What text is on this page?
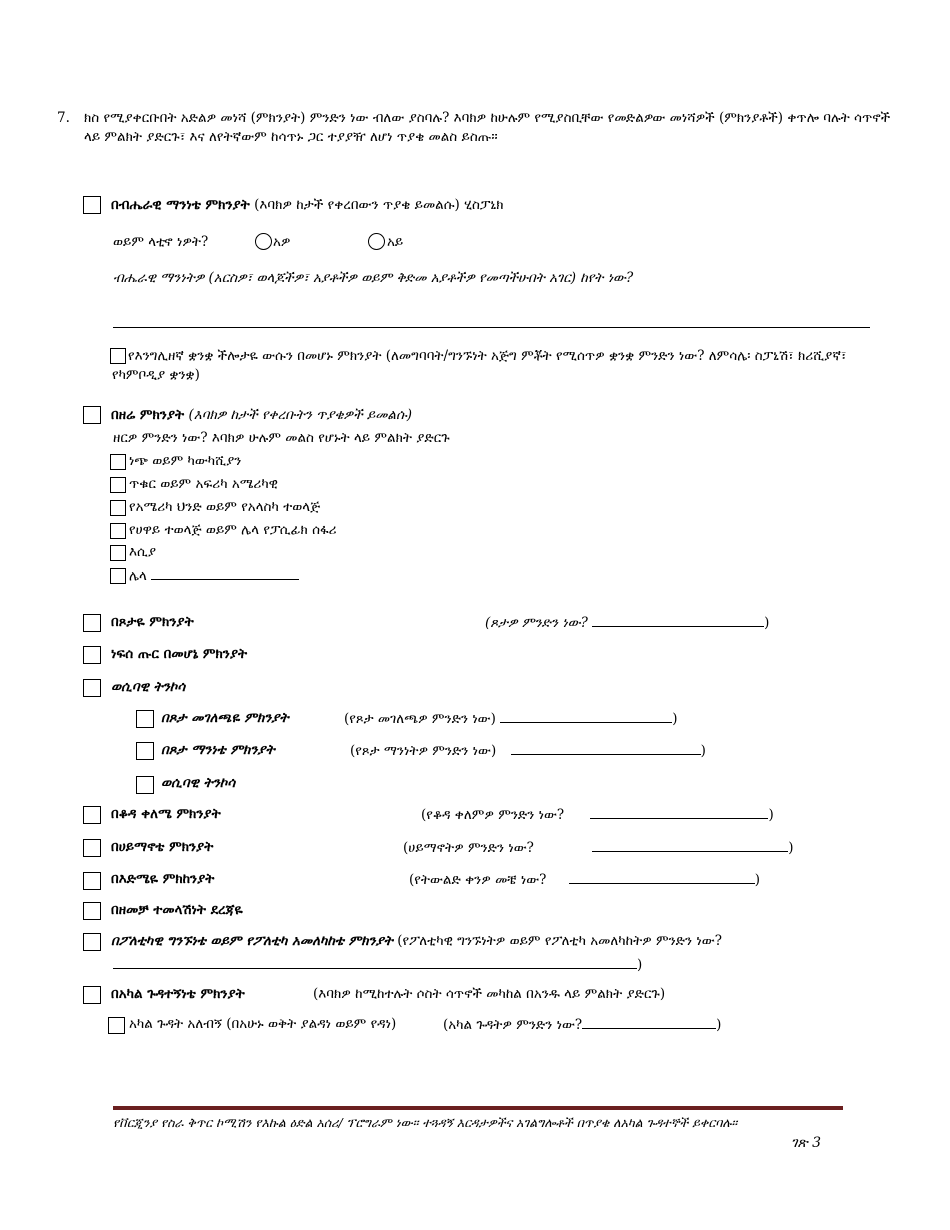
7. ክስ የሚያቀርቡበት አድልዎ መነሻ (ምክንያት) ምንድን ነው ብለው ያስባሉ? እባክዎ ከሁሉም የሚያስቢቸው የመድልዎው መነሻዎች (ምክንያቶች) ቀጥሎ ባሉት ሳጥኖች ላይ ምልክት ያድርጉ፣ እና ለየትኛውም ከሳጥኑ ጋር ተያያዥ ለሆነ ጥያቄ መልስ ይስጡ።
በብሔራዊ ማንነቴ ምክንያት (እባክዎ ከታች የቀረበውን ጥያቄ ይመልሱ) ሂስፓኒክ
ወይም ላቲኖ ነዎት?	አዎ	አይ
ብሔራዊ ማንነትዎ (አርስዎ፣ ወላጆችዎ፣ አያቶችዎ ወይም ቅድመ አያቶችዎ የመጣችሁበት አገር) ከየት ነው?
የእንግሊዘኛ ቋንቋ ችሎታዬ ውሱን በመሆኑ ምክንያት (ለመግባባት/ግንኙነት አጅግ ምቾት የሚሰጥዎ ቋንቋ ምንድን ነው? ለምሳሌ፡ ስፓኒሽ፣ ክሪሺያኛ፣ የካምቦዲያ ቋንቋ)
በዘሬ ምክንያት (እባክዎ ከታች የቀረቡትን ጥያቄዎች ይመልሱ)
ዘርዎ ምንድን ነው? እባክዎ ሁሉም መልስ የሆኑት ላይ ምልክት ያድርጉ
ነጭ ወይም ካውካሺያን
ጥቁር ወይም አፍሪካ አሜሪካዊ
የአሜሪካ ህንድ ወይም የአላስካ ተወላጅ
የሀዋይ ተወላጅ ወይም ሌላ የፓሲፊክ ሰፋሪ
እሲያ
ሌላ
በጾታዬ ምክንያት	(ጾታዎ ምንድን ነው?	)
ነፍሰ ጡር በመሆኔ ምክንያት
ወሲባዊ ትንኮሳ
በጾታ መገለጫዬ ምክንያት	(የጾታ መገለጫዎ ምንድን ነው)	)
በጾታ ማንነቴ ምክንያት	(የጾታ ማንነትዎ ምንድን ነው)	)
ወሲባዊ ትንኮሳ
በቆዳ ቀለሜ ምክንያት	(የቆዳ ቀለምዎ ምንድን ነው?	)
በሀይማኖቴ ምክንያት	(ሀይማኖትዎ ምንድን ነው?	)
በእድሜዬ ምክከንያት	(የትውልድ ቀንዎ መቼ ነው?	)
በዘመቻ ተመላሽነት ደረጃዬ
በፖለቲካዊ ግንኙነቴ ወይም የፖለቲካ አመለካከቴ ምክንያት (የፖለቲካዊ ግንኙነትዎ ወይም የፖለቲካ አመለካከትዎ ምንድን ነው?
)
በአካል ጉዳተኝነቴ ምክንያት	(እባክዎ ከሚከተሉት ሶስት ሳጥኖች መካከል በአንዱ ላይ ምልክት ያድርጉ)
አካል ጉዳት አለብኝ (በአሁኑ ወቅት ያልዳነ ወይም የዳነ)	(አካል ጉዳትዎ ምንድን ነው?	)
የቨርጂንያ የስራ ቅጥር ኮሚሽን የእኩል ዕድል አሰሪ/ ፕሮግራም ነው። ተጓዳኝ እርዳታዎችና አገልግሎቶች በጥያቄ ለአካል ጉዳተኞች ይቀርባሉ።
ገጽ 3
